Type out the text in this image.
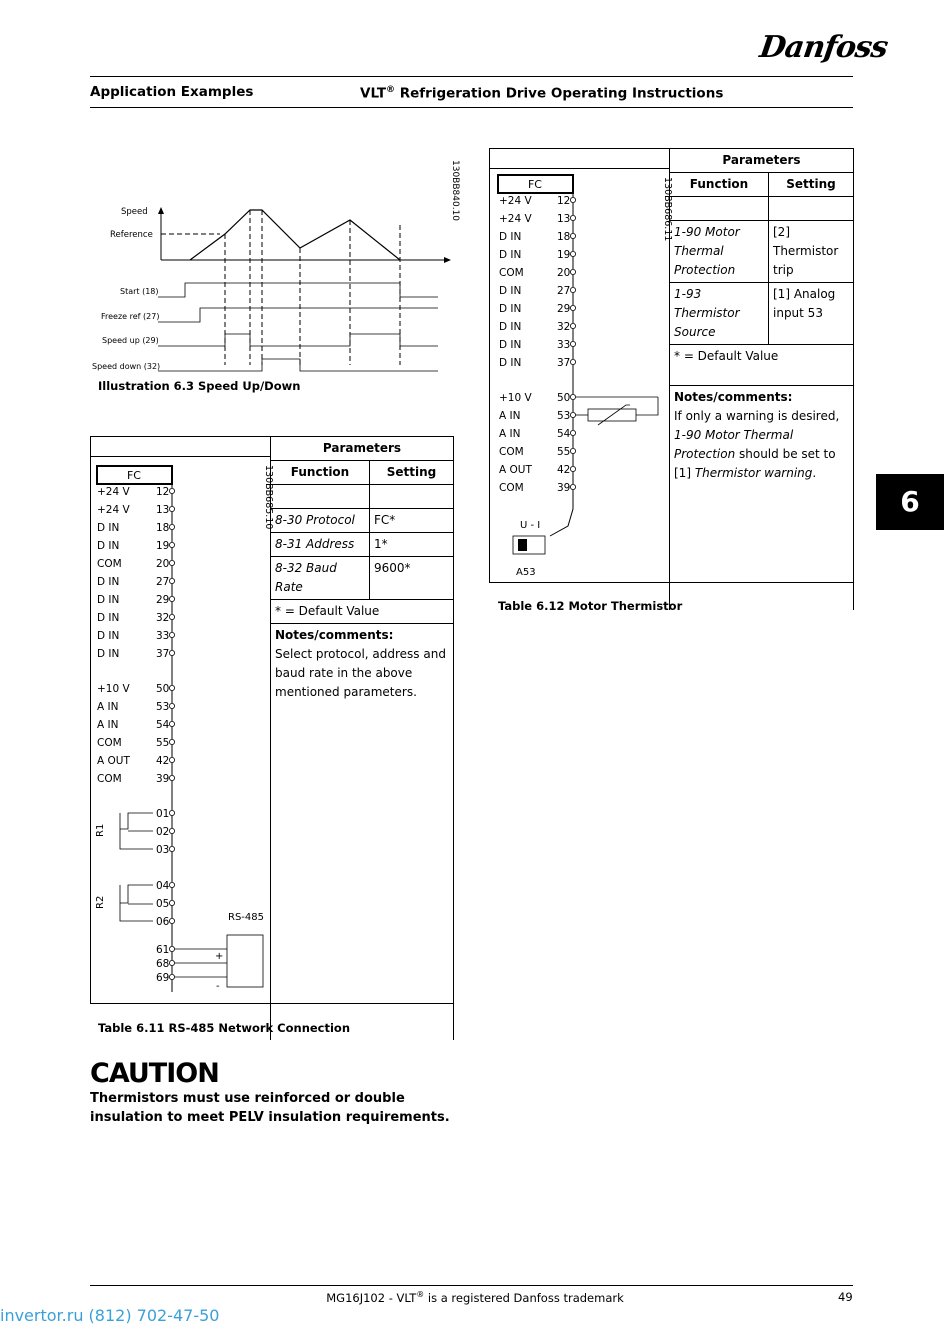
Danfoss
Application Examples	VLT® Refrigeration Drive Operating Instructions
130BB840.10
Speed
Reference
Start (18)
Freeze ref (27)
Speed up (29)
Speed down (32)
Illustration 6.3 Speed Up/Down
130BB685.10
FC
+24 V	12
+24 V	13
D IN	18
D IN	19
COM	20
D IN	27
D IN	29
D IN	32
D IN	33
D IN	37
+10 V	50
A IN	53
A IN	54
COM	55
A OUT 42
COM	39
01
02
03
04
05
06
61
68
69
R1
R2
RS-485
+
-
Parameters	
Function	Setting

8-30 Protocol	FC*
8-31 Address	1*
8-32 Baud Rate	9600*
* = Default Value	
Notes/comments:
Select protocol, address and baud rate in the above mentioned parameters.	
Table 6.11 RS-485 Network Connection
130BB686.11
FC
+24 V 12
+24 V 13
D IN	18
D IN	19
COM	20
D IN	27
D IN	29
D IN	32
D IN	33
D IN	37
+10 V 50
A IN	53
A IN	54
COM	55
A OUT 42
COM	39
U - I
A53
Parameters	
Function	Setting

1-90 Motor Thermal Protection	[2] Thermistor trip
1-93 Thermistor Source	[1] Analog input 53
* = Default Value	
Notes/comments:
If only a warning is desired,
1-90 Motor Thermal Protection should be set to [1] Thermistor warning.	
Table 6.12 Motor Thermistor
6
CAUTION
Thermistors must use reinforced or double insulation to meet PELV insulation requirements.
MG16J102 - VLT® is a registered Danfoss trademark	49
invertor.ru (812) 702-47-50
